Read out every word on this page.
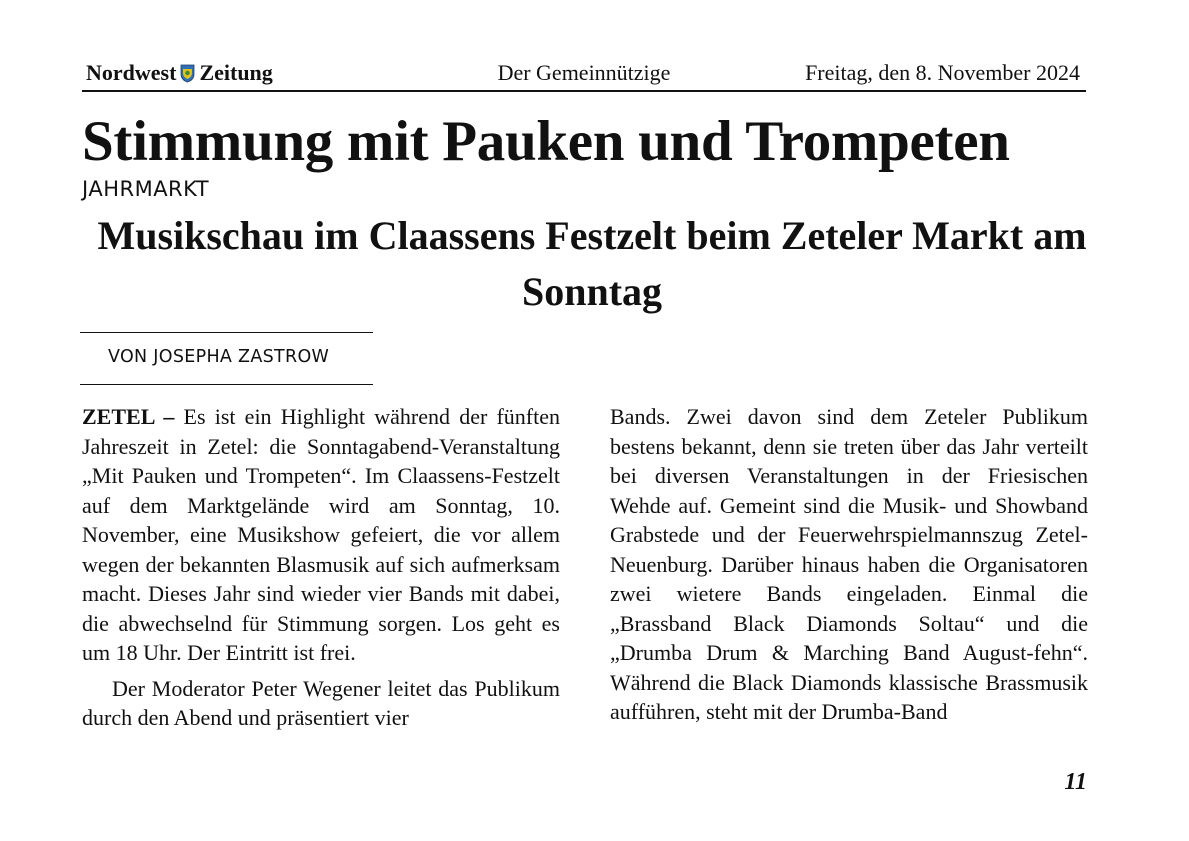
Nordwest Zeitung	Der Gemeinnützige	Freitag, den 8. November 2024
Stimmung mit Pauken und Trompeten
JAHRMARKT
Musikschau im Claassens Festzelt beim Zeteler Markt am Sonntag
VON JOSEPHA ZASTROW

ZETEL – Es ist ein Highlight während der fünften Jahreszeit in Zetel: die Sonntagabend-Veranstaltung „Mit Pauken und Trompeten“. Im Claassens-Festzelt auf dem Marktgelände wird am Sonntag, 10. November, eine Musikshow gefeiert, die vor allem wegen der bekannten Blasmusik auf sich aufmerksam macht. Dieses Jahr sind wieder vier Bands mit dabei, die abwechselnd für Stimmung sorgen. Los geht es um 18 Uhr. Der Eintritt ist frei.

Der Moderator Peter Wegener leitet das Publikum durch den Abend und präsentiert vier

Bands. Zwei davon sind dem Zeteler Publikum bestens bekannt, denn sie treten über das Jahr verteilt bei diversen Veranstaltungen in der Friesischen Wehde auf. Gemeint sind die Musik- und Showband Grabstede und der Feuerwehrspielmannszug Zetel-Neuenburg. Darüber hinaus haben die Organisatoren zwei wietere Bands eingeladen. Einmal die „Brassband Black Diamonds Soltau“ und die „Drumba Drum & Marching Band August-fehn“. Während die Black Diamonds klassische Brassmusik aufführen, steht mit der Drumba-Band

11
